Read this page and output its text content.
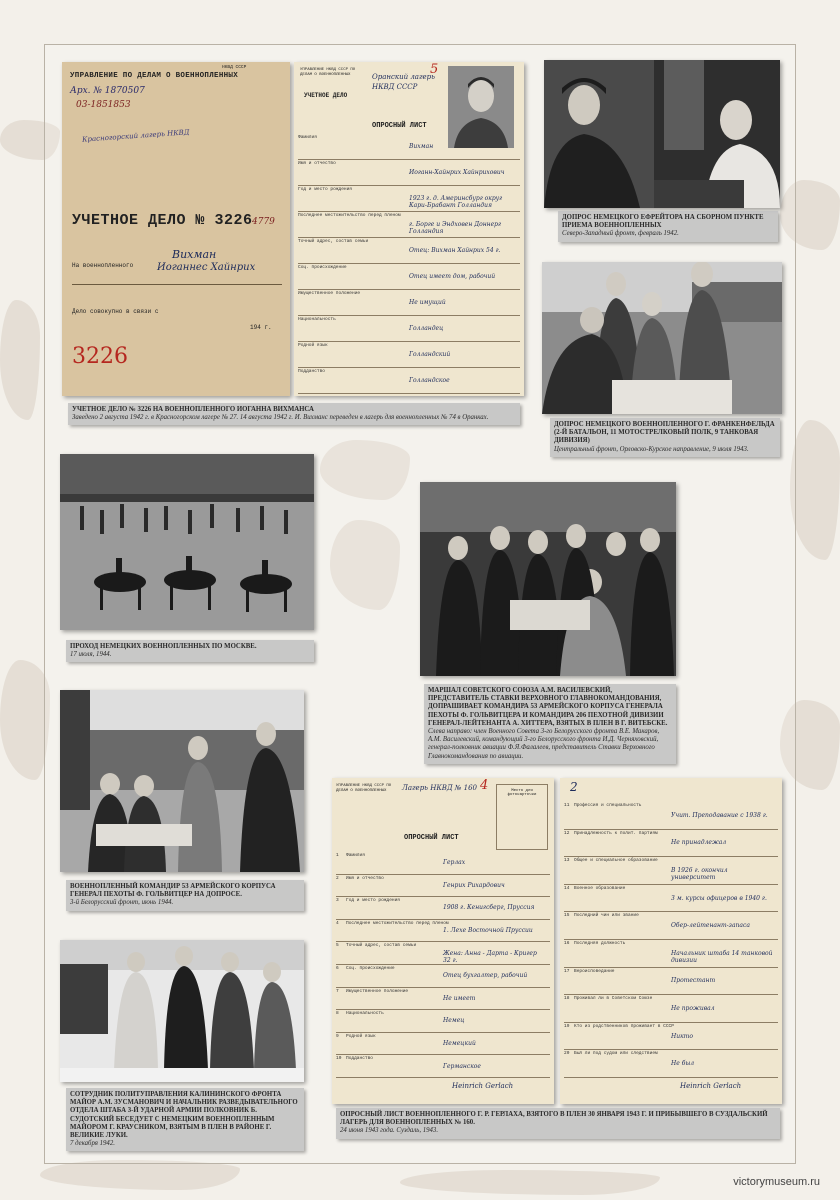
НКВД СССР
УПРАВЛЕНИЕ ПО ДЕЛАМ О ВОЕННОПЛЕННЫХ
Арх. № 1870507
03-1851853
Красногорский лагерь НКВД
УЧЕТНОЕ ДЕЛО № 3226 4779
На военнопленного
Вихман
Иоганнес Хайнрих
Дело совокупно в связи с
194 г.
3226
УПРАВЛЕНИЕ НКВД СССР ПО ДЕЛАМ О ВОЕННОПЛЕННЫХ
УЧЕТНОЕ ДЕЛО
Оранский лагерь НКВД СССР
5
ОПРОСНЫЙ ЛИСТ
Фамилия
Вихман
Имя и отчество
Иоганн-Хайнрих Хайнрихович
Год и место рождения
1923 г. д. Америнсбург округ Кари-Брабант Голландия
Последнее местожительство перед пленом
г. Борге и Эндховен Доннерг Голландия
Точный адрес, состав семьи
Отец: Вихман Хайнрих 54 г.
Соц. происхождение
Отец имеет дом, рабочий
Имущественное положение
Не имущий
Национальность
Голландец
Родной язык
Голландский
Подданство
Голландское
УЧЕТНОЕ ДЕЛО № 3226 НА ВОЕННОПЛЕННОГО ИОГАННА ВИХМАНСА
Заведено 2 августа 1942 г. в Красногорском лагере № 27. 14 августа 1942 г. И. Вихманс переведен в лагерь для военнопленных № 74 в Оранках.
ДОПРОС НЕМЕЦКОГО ЕФРЕЙТОРА НА СБОРНОМ ПУНКТЕ ПРИЕМА ВОЕННОПЛЕННЫХ
Северо-Западный фронт, февраль 1942.
ДОПРОС НЕМЕЦКОГО ВОЕННОПЛЕННОГО Г. ФРАНКЕНФЕЛЬДА (2-Й БАТАЛЬОН, 11 МОТОСТРЕЛКОВЫЙ ПОЛК, 9 ТАНКОВАЯ ДИВИЗИЯ)
Центральный фронт, Орловско-Курское направление, 9 июля 1943.
ПРОХОД НЕМЕЦКИХ ВОЕННОПЛЕННЫХ ПО МОСКВЕ.
17 июля, 1944.
МАРШАЛ СОВЕТСКОГО СОЮЗА А.М. ВАСИЛЕВСКИЙ, ПРЕДСТАВИТЕЛЬ СТАВКИ ВЕРХОВНОГО ГЛАВНОКОМАНДОВАНИЯ, ДОПРАШИВАЕТ КОМАНДИРА 53 АРМЕЙСКОГО КОРПУСА ГЕНЕРАЛА ПЕХОТЫ Ф. ГОЛЬВИТЦЕРА И КОМАНДИРА 206 ПЕХОТНОЙ ДИВИЗИИ ГЕНЕРАЛ-ЛЕЙТЕНАНТА А. ХИТТЕРА, ВЗЯТЫХ В ПЛЕН В Г. ВИТЕБСКЕ.
Слева направо: член Военного Совета 3-го Белорусского фронта В.Е. Макаров, А.М. Василевский, командующий 3-го Белорусского фронта И.Д. Черняховский, генерал-полковник авиации Ф.Я.Фалалеев, представитель Ставки Верховного Главнокомандования по авиации.
ВОЕННОПЛЕННЫЙ КОМАНДИР 53 АРМЕЙСКОГО КОРПУСА ГЕНЕРАЛ ПЕХОТЫ Ф. ГОЛЬВИТЦЕР НА ДОПРОСЕ.
3-й Белорусский фронт, июнь 1944.
СОТРУДНИК ПОЛИТУПРАВЛЕНИЯ КАЛИНИНСКОГО ФРОНТА МАЙОР А.М. ЗУСМАНОВИЧ И НАЧАЛЬНИК РАЗВЕДЫВАТЕЛЬНОГО ОТДЕЛА ШТАБА 3-Й УДАРНОЙ АРМИИ ПОЛКОВНИК Б. СУДОТСКИЙ БЕСЕДУЕТ С НЕМЕЦКИМ ВОЕННОПЛЕННЫМ МАЙОРОМ Г. КРАУСНИКОМ, ВЗЯТЫМ В ПЛЕН В РАЙОНЕ Г. ВЕЛИКИЕ ЛУКИ.
7 декабря 1942.
УПРАВЛЕНИЕ НКВД СССР ПО ДЕЛАМ О ВОЕННОПЛЕННЫХ	Лагерь НКВД № 160 4
ОПРОСНЫЙ ЛИСТ
Место для фотокарточки
Фамилия
1
Герлах
Имя и отчество
2
Генрих Рихардович
Год и место рождения
3
1908 г. Кенигсберг, Пруссия
Последнее местожительство перед пленом
4
1. Лехе Восточной Пруссии
Точный адрес, состав семьи
5
Жена: Анна - Дарта - Кригер 32 г.
Соц. происхождение
6
Отец бухгалтер, рабочий
Имущественное положение
7
Не имеет
Национальность
8
Немец
Родной язык
9
Немецкий
Подданство
10
Германское
Heinrich Gerlach
2
Профессия и специальность
11
Учит. Преподавание с 1938 г.
Принадлежность к полит. партиям
12
Не принадлежал
Общее и специальное образование
13
В 1926 г. окончил университет
Военное образование
14
3 м. курсы офицеров в 1940 г.
Последний чин или звание
15
Обер-лейтенант-запаса
Последняя должность
16
Начальник штаба 14 танковой дивизии
Вероисповедание
17
Протестант
Проживал ли в Советском Союзе
18
Не проживал
Кто из родственников проживает в СССР
19
Никто
Был ли под судом или следствием
20
Не был
Heinrich Gerlach
ОПРОСНЫЙ ЛИСТ ВОЕННОПЛЕННОГО Г. Р. ГЕРЛАХА, ВЗЯТОГО В ПЛЕН 30 ЯНВАРЯ 1943 Г. И ПРИБЫВШЕГО В СУЗДАЛЬСКИЙ ЛАГЕРЬ ДЛЯ ВОЕННОПЛЕННЫХ № 160.
24 июня 1943 года. Суздаль, 1943.
victorymuseum.ru
